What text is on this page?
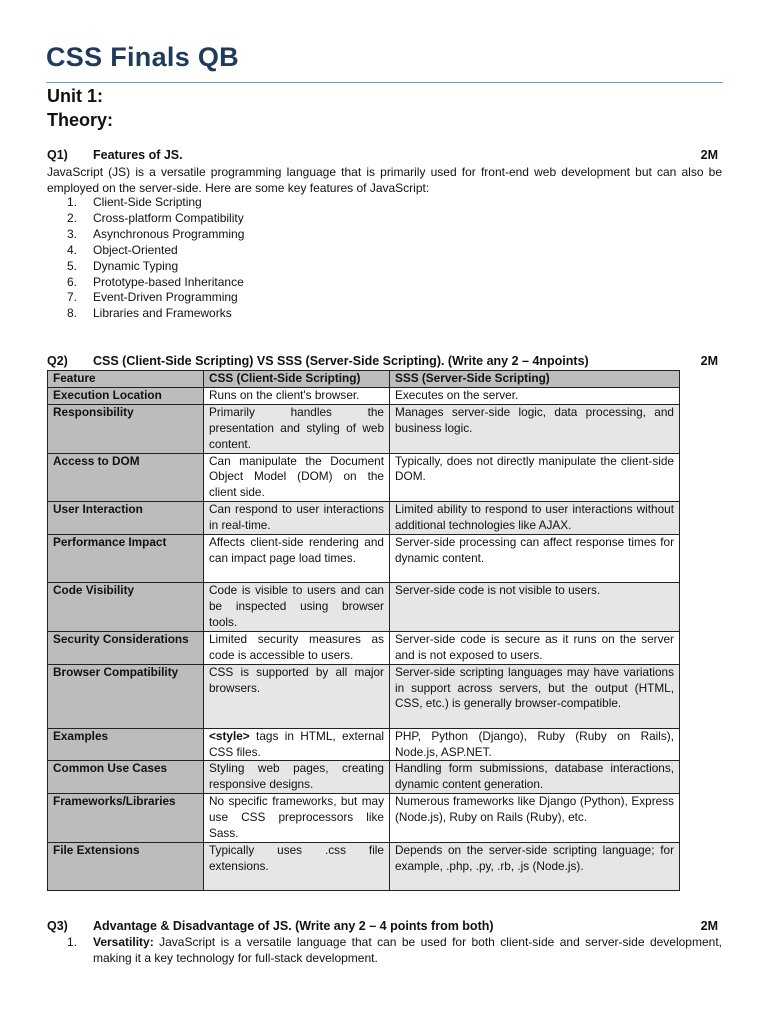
CSS Finals QB
Unit 1:
Theory:
Q1) Features of JS.	2M
JavaScript (JS) is a versatile programming language that is primarily used for front-end web development but can also be employed on the server-side. Here are some key features of JavaScript:
1. Client-Side Scripting
2. Cross-platform Compatibility
3. Asynchronous Programming
4. Object-Oriented
5. Dynamic Typing
6. Prototype-based Inheritance
7. Event-Driven Programming
8. Libraries and Frameworks
Q2) CSS (Client-Side Scripting) VS SSS (Server-Side Scripting). (Write any 2 – 4npoints)	2M
Feature	CSS (Client-Side Scripting)	SSS (Server-Side Scripting)
Execution Location	Runs on the client's browser.	Executes on the server.
Responsibility	Primarily handles the presentation and styling of web content.	Manages server-side logic, data processing, and business logic.
Access to DOM	Can manipulate the Document Object Model (DOM) on the client side.	Typically, does not directly manipulate the client-side DOM.
User Interaction	Can respond to user interactions in real-time.	Limited ability to respond to user interactions without additional technologies like AJAX.
Performance Impact	Affects client-side rendering and can impact page load times.	Server-side processing can affect response times for dynamic content.
Code Visibility	Code is visible to users and can be inspected using browser tools.	Server-side code is not visible to users.
Security Considerations	Limited security measures as code is accessible to users.	Server-side code is secure as it runs on the server and is not exposed to users.
Browser Compatibility	CSS is supported by all major browsers.	Server-side scripting languages may have variations in support across servers, but the output (HTML, CSS, etc.) is generally browser-compatible.
Examples	<style> tags in HTML, external CSS files.	PHP, Python (Django), Ruby (Ruby on Rails), Node.js, ASP.NET.
Common Use Cases	Styling web pages, creating responsive designs.	Handling form submissions, database interactions, dynamic content generation.
Frameworks/Libraries	No specific frameworks, but may use CSS preprocessors like Sass.	Numerous frameworks like Django (Python), Express (Node.js), Ruby on Rails (Ruby), etc.
File Extensions	Typically uses .css file extensions.	Depends on the server-side scripting language; for example, .php, .py, .rb, .js (Node.js).
Q3) Advantage & Disadvantage of JS. (Write any 2 – 4 points from both)	2M
1. Versatility: JavaScript is a versatile language that can be used for both client-side and server-side development, making it a key technology for full-stack development.
